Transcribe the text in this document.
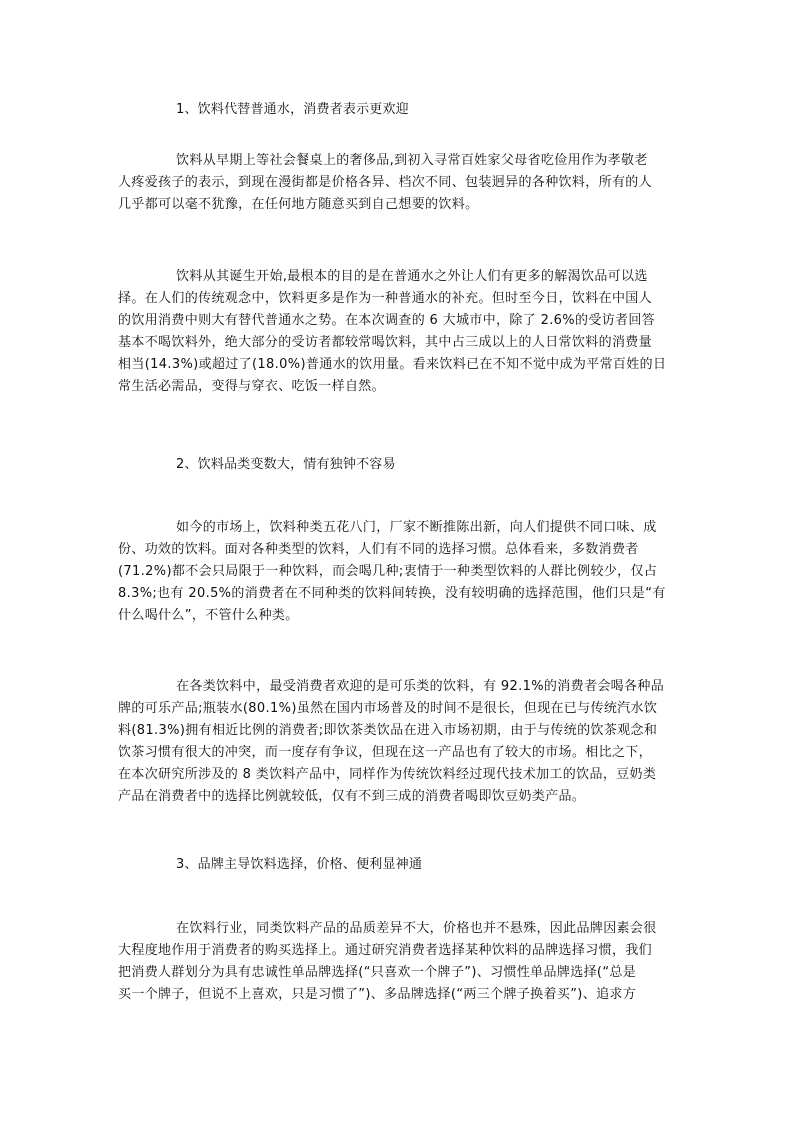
1、饮料代替普通水，消费者表示更欢迎
饮料从早期上等社会餐桌上的奢侈品,到初入寻常百姓家父母省吃俭用作为孝敬老
人疼爱孩子的表示，到现在漫街都是价格各异、档次不同、包装迥异的各种饮料，所有的人
几乎都可以毫不犹豫，在任何地方随意买到自己想要的饮料。
饮料从其诞生开始,最根本的目的是在普通水之外让人们有更多的解渴饮品可以选
择。在人们的传统观念中，饮料更多是作为一种普通水的补充。但时至今日，饮料在中国人
的饮用消费中则大有替代普通水之势。在本次调查的 6 大城市中，除了 2.6%的受访者回答
基本不喝饮料外，绝大部分的受访者都较常喝饮料，其中占三成以上的人日常饮料的消费量
相当(14.3%)或超过了(18.0%)普通水的饮用量。看来饮料已在不知不觉中成为平常百姓的日
常生活必需品，变得与穿衣、吃饭一样自然。
2、饮料品类变数大，情有独钟不容易
如今的市场上，饮料种类五花八门，厂家不断推陈出新，向人们提供不同口味、成
份、功效的饮料。面对各种类型的饮料，人们有不同的选择习惯。总体看来，多数消费者
(71.2%)都不会只局限于一种饮料，而会喝几种;衷情于一种类型饮料的人群比例较少，仅占
8.3%;也有 20.5%的消费者在不同种类的饮料间转换，没有较明确的选择范围，他们只是“有
什么喝什么”，不管什么种类。
在各类饮料中，最受消费者欢迎的是可乐类的饮料，有 92.1%的消费者会喝各种品
牌的可乐产品;瓶装水(80.1%)虽然在国内市场普及的时间不是很长，但现在已与传统汽水饮
料(81.3%)拥有相近比例的消费者;即饮茶类饮品在进入市场初期，由于与传统的饮茶观念和
饮茶习惯有很大的冲突，而一度存有争议，但现在这一产品也有了较大的市场。相比之下，
在本次研究所涉及的 8 类饮料产品中，同样作为传统饮料经过现代技术加工的饮品，豆奶类
产品在消费者中的选择比例就较低，仅有不到三成的消费者喝即饮豆奶类产品。
3、品牌主导饮料选择，价格、便利显神通
在饮料行业，同类饮料产品的品质差异不大，价格也并不悬殊，因此品牌因素会很
大程度地作用于消费者的购买选择上。通过研究消费者选择某种饮料的品牌选择习惯，我们
把消费人群划分为具有忠诚性单品牌选择(“只喜欢一个牌子”)、习惯性单品牌选择(“总是
买一个牌子，但说不上喜欢，只是习惯了”)、多品牌选择(“两三个牌子换着买”)、追求方
